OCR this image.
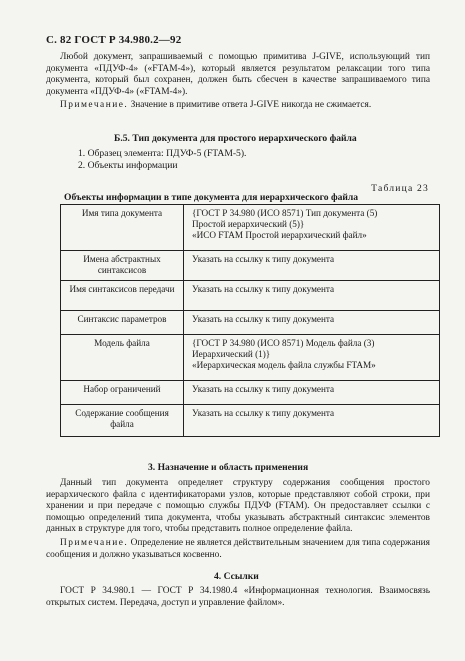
С. 82 ГОСТ Р 34.980.2—92

Любой документ, запрашиваемый с помощью примитива J-GIVE, использующий тип документа «ПДУФ-4» («FTAM-4»), который является результатом релаксации того типа документа, который был сохранен, должен быть сбесчен в качестве запрашиваемого типа документа «ПДУФ-4» («FTAM-4»).

Примечание. Значение в примитиве ответа J-GIVE никогда не сжимается.

Б.5. Тип документа для простого иерархического файла
1. Образец элемента: ПДУФ-5 (FTAM-5).
2. Объекты информации
Таблица 23
Объекты информации в типе документа для иерархического файла
Имя типа документа	{ГОСТ Р 34.980 (ИСО 8571) Тип документа (5)
Простой иерархический (5)}
«ИСО FTAM Простой иерархический файл»

Имена абстрактных синтаксисов	Указать на ссылку к типу документа

Имя синтаксисов передачи	Указать на ссылку к типу документа

Синтаксис параметров	Указать на ссылку к типу документа

Модель файла	{ГОСТ Р 34.980 (ИСО 8571) Модель файла (3)
Иерархический (1)}
«Иерархическая модель файла службы FTAM»

Набор ограничений	Указать на ссылку к типу документа

Содержание сообщения файла	Указать на ссылку к типу документа
3. Назначение и область применения

Данный тип документа определяет структуру содержания сообщения простого иерархического файла с идентификаторами узлов, которые представляют собой строки, при хранении и при передаче с помощью службы ПДУФ (FTAM). Он предоставляет ссылки с помощью определений типа документа, чтобы указывать абстрактный синтаксис элементов данных в структуре для того, чтобы представить полное определение файла.

Примечание. Определение не является действительным значением для типа содержания сообщения и должно указываться косвенно.

4. Ссылки

ГОСТ Р 34.980.1 — ГОСТ Р 34.1980.4 «Информационная технология. Взаимосвязь открытых систем. Передача, доступ и управление файлом».
